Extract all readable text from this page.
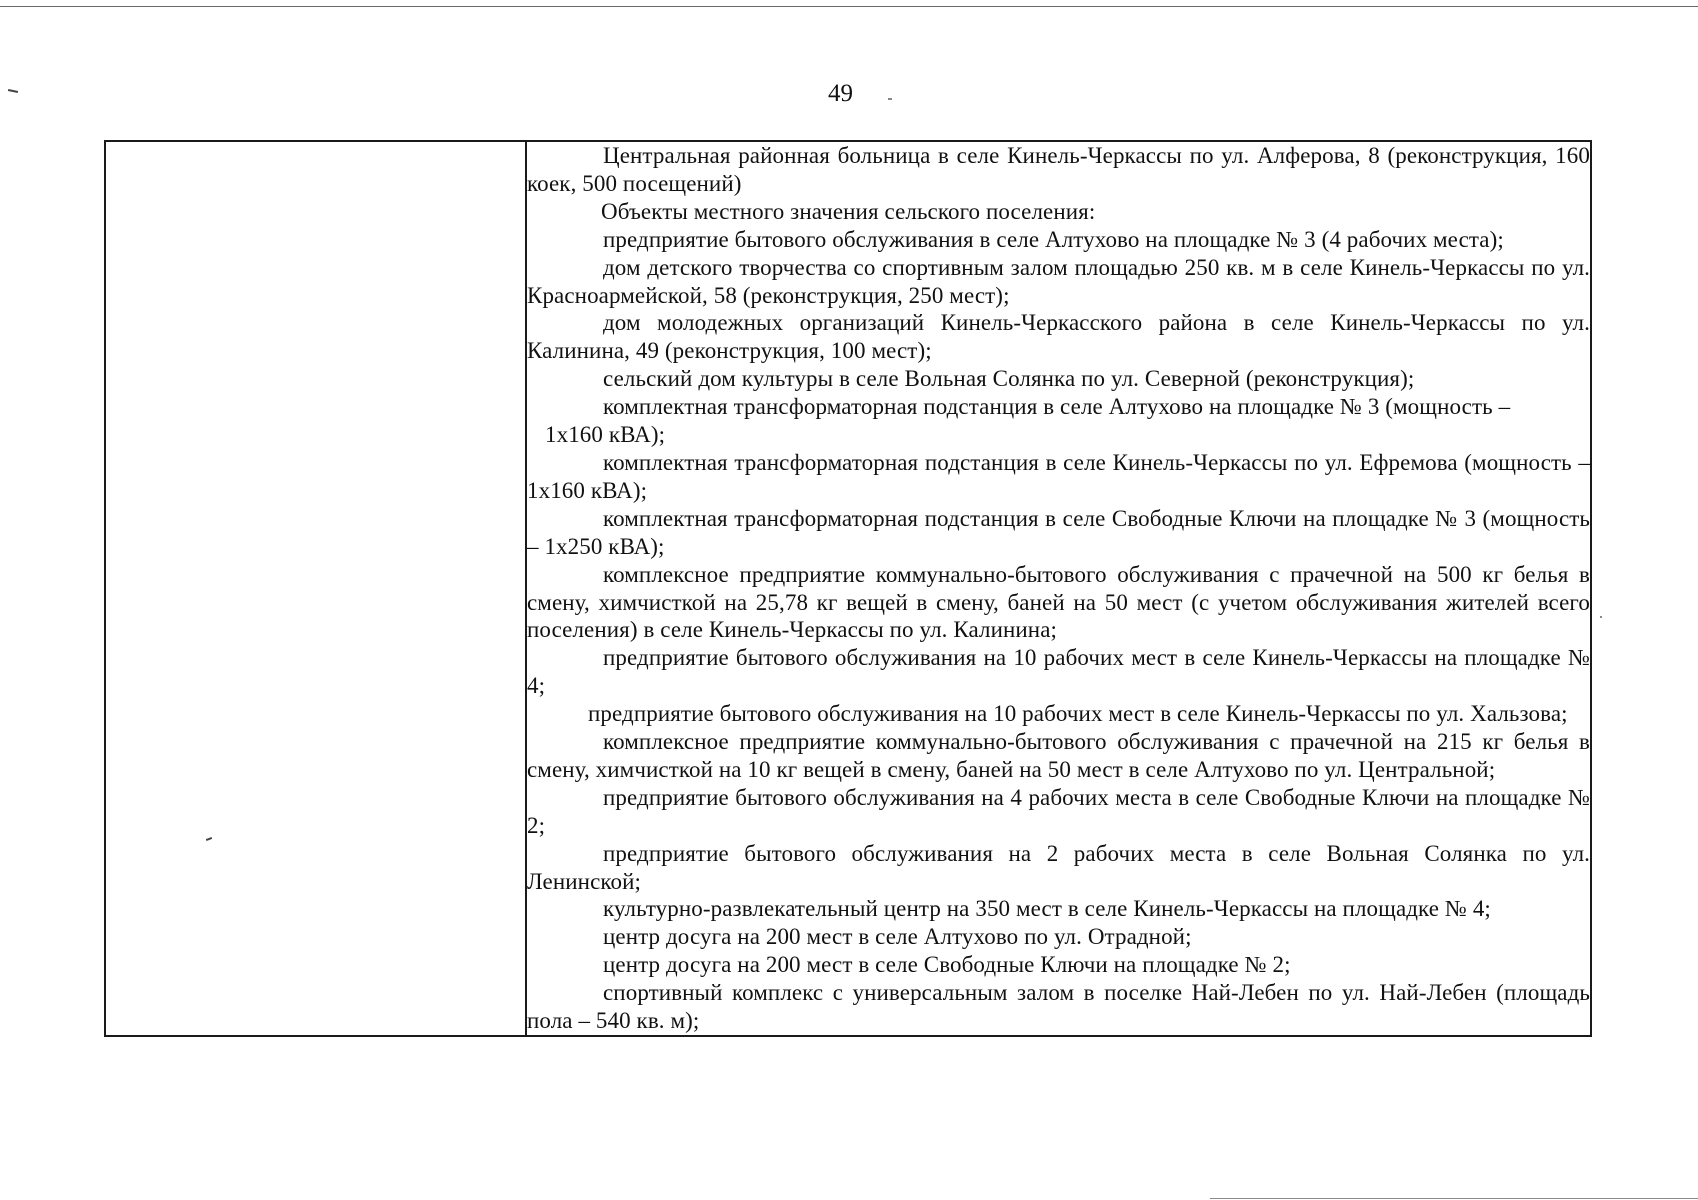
49

Центральная районная больница в селе Кинель-Черкассы по ул. Алферова, 8 (реконструкция, 160 коек, 500 посещений)

Объекты местного значения сельского поселения:

предприятие бытового обслуживания в селе Алтухово на площадке № 3 (4 рабочих места);

дом детского творчества со спортивным залом площадью 250 кв. м в селе Кинель-Черкассы по ул. Красноармейской, 58 (реконструкция, 250 мест);

дом молодежных организаций Кинель-Черкасского района в селе Кинель-Черкассы по ул. Калинина, 49 (реконструкция, 100 мест);

сельский дом культуры в селе Вольная Солянка по ул. Северной (реконструкция);

комплектная трансформаторная подстанция в селе Алтухово на площадке № 3 (мощность –

1х160 кВА);

комплектная трансформаторная подстанция в селе Кинель-Черкассы по ул. Ефремова (мощность – 1х160 кВА);

комплектная трансформаторная подстанция в селе Свободные Ключи на площадке № 3 (мощность – 1х250 кВА);

комплексное предприятие коммунально-бытового обслуживания с прачечной на 500 кг белья в смену, химчисткой на 25,78 кг вещей в смену, баней на 50 мест (с учетом обслуживания жителей всего поселения) в селе Кинель-Черкассы по ул. Калинина;

предприятие бытового обслуживания на 10 рабочих мест в селе Кинель-Черкассы на площадке № 4;

предприятие бытового обслуживания на 10 рабочих мест в селе Кинель-Черкассы по ул. Хальзова;

комплексное предприятие коммунально-бытового обслуживания с прачечной на 215 кг белья в смену, химчисткой на 10 кг вещей в смену, баней на 50 мест в селе Алтухово по ул. Центральной;

предприятие бытового обслуживания на 4 рабочих места в селе Свободные Ключи на площадке № 2;

предприятие бытового обслуживания на 2 рабочих места в селе Вольная Солянка по ул. Ленинской;

культурно-развлекательный центр на 350 мест в селе Кинель-Черкассы на площадке № 4;

центр досуга на 200 мест в селе Алтухово по ул. Отрадной;

центр досуга на 200 мест в селе Свободные Ключи на площадке № 2;

спортивный комплекс с универсальным залом в поселке Най-Лебен по ул. Най-Лебен (площадь пола – 540 кв. м);
